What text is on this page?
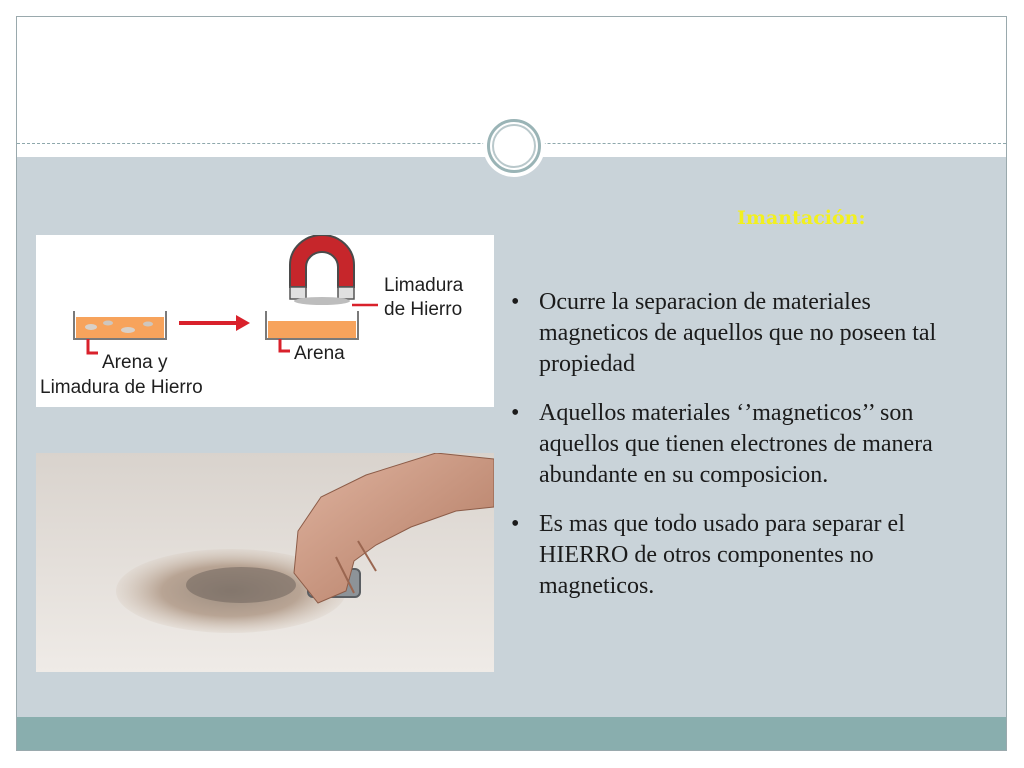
Imantación:
• Ocurre la separacion de materiales magneticos de aquellos que no poseen tal propiedad
• Aquellos materiales ‘’magneticos’’ son aquellos que tienen electrones de manera abundante en su composicion.
• Es mas que todo usado para separar el HIERRO de otros componentes no magneticos.
Arena y
Limadura de Hierro
Arena
Limadura
de Hierro
